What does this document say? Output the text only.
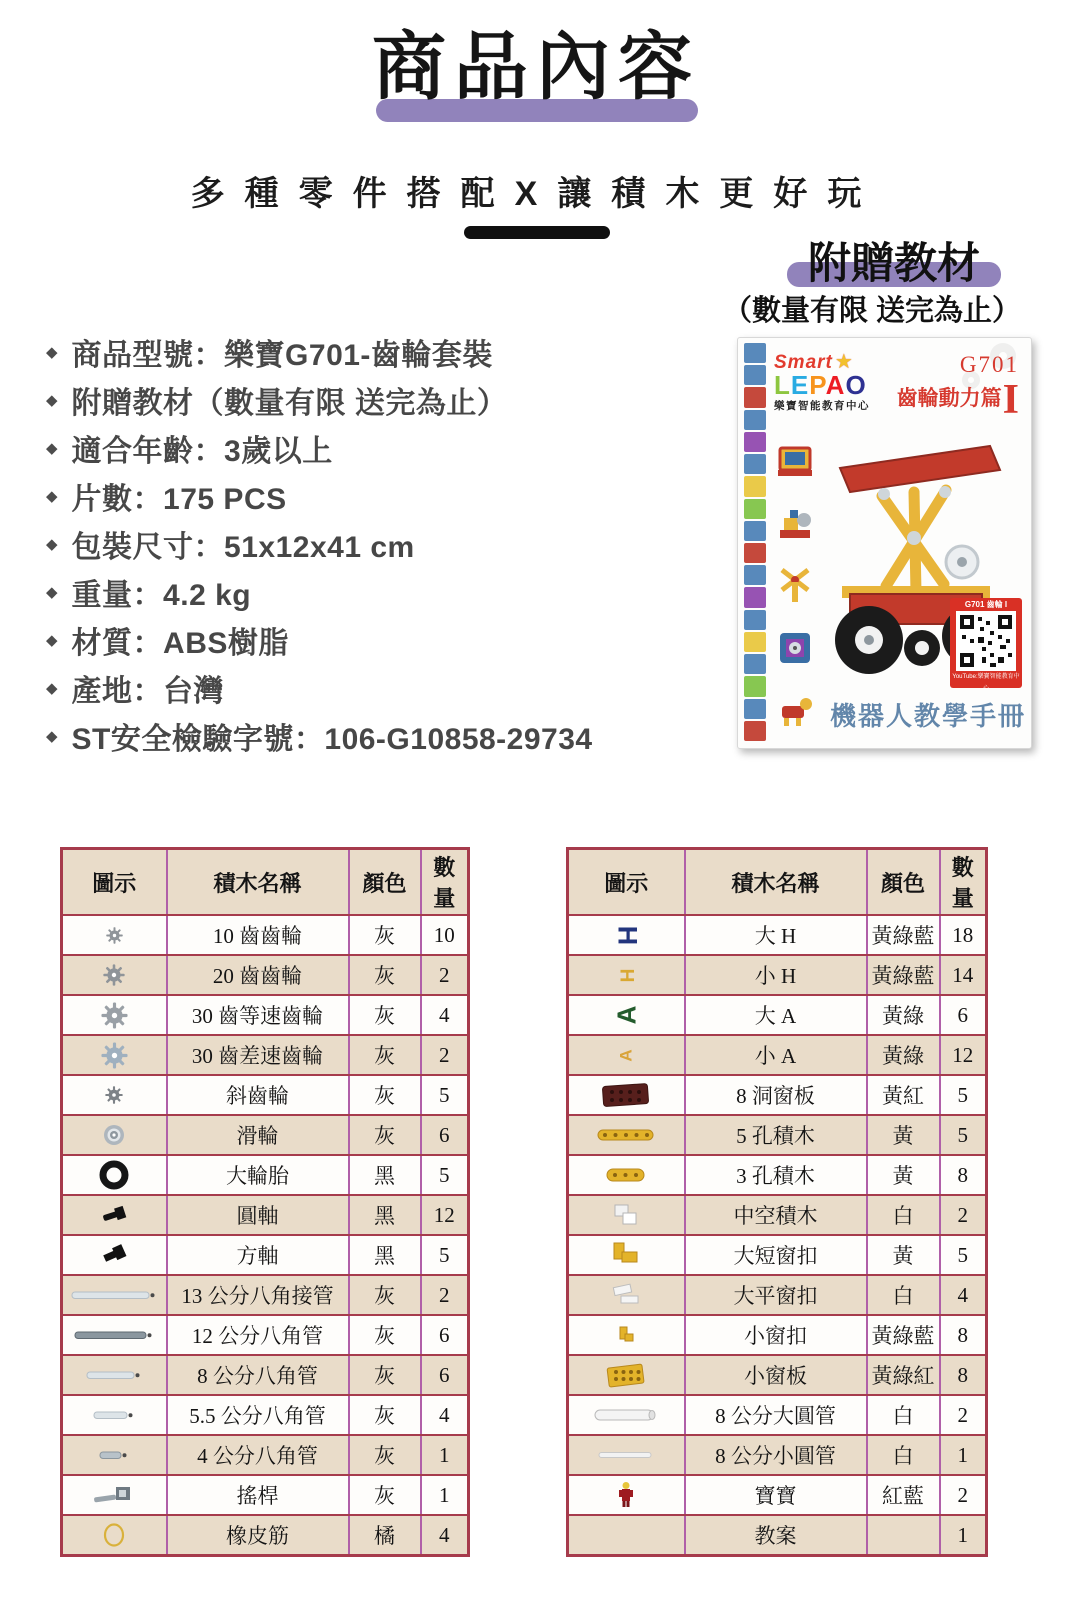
商品內容
多種零件搭配X讓積木更好玩
附贈教材
（數量有限 送完為止）
◆ 商品型號：樂寶G701-齒輪套裝
◆ 附贈教材（數量有限 送完為止）
◆ 適合年齡：3歲以上
◆ 片數：175 PCS
◆ 包裝尺寸：51x12x41 cm
◆ 重量：4.2 kg
◆ 材質：ABS樹脂
◆ 產地：台灣
◆ ST安全檢驗字號：106-G10858-29734
Smart ★
LEPAO
樂寶智能教育中心
G701
齒輪動力篇I
G701 齒輪 I
YouTube:樂寶智能教育中心
機器人教學手冊
圖示	積木名稱	顏色	數量

	10 齒齒輪	灰	10

	20 齒齒輪	灰	2

	30 齒等速齒輪	灰	4

	30 齒差速齒輪	灰	2

	斜齒輪	灰	5

	滑輪	灰	6

	大輪胎	黑	5

	圓軸	黑	12

	方軸	黑	5

	13 公分八角接管	灰	2

	12 公分八角管	灰	6

	8 公分八角管	灰	6

	5.5 公分八角管	灰	4

	4 公分八角管	灰	1

	搖桿	灰	1

	橡皮筋	橘	4
圖示	積木名稱	顏色	數量

H	大 H	黃綠藍	18

H	小 H	黃綠藍	14

A	大 A	黃綠	6

A	小 A	黃綠	12

	8 洞窗板	黃紅	5

	5 孔積木	黃	5

	3 孔積木	黃	8

	中空積木	白	2

	大短窗扣	黃	5

	大平窗扣	白	4

	小窗扣	黃綠藍	8

	小窗板	黃綠紅	8

	8 公分大圓管	白	2

	8 公分小圓管	白	1

	寶寶	紅藍	2

	教案		1
